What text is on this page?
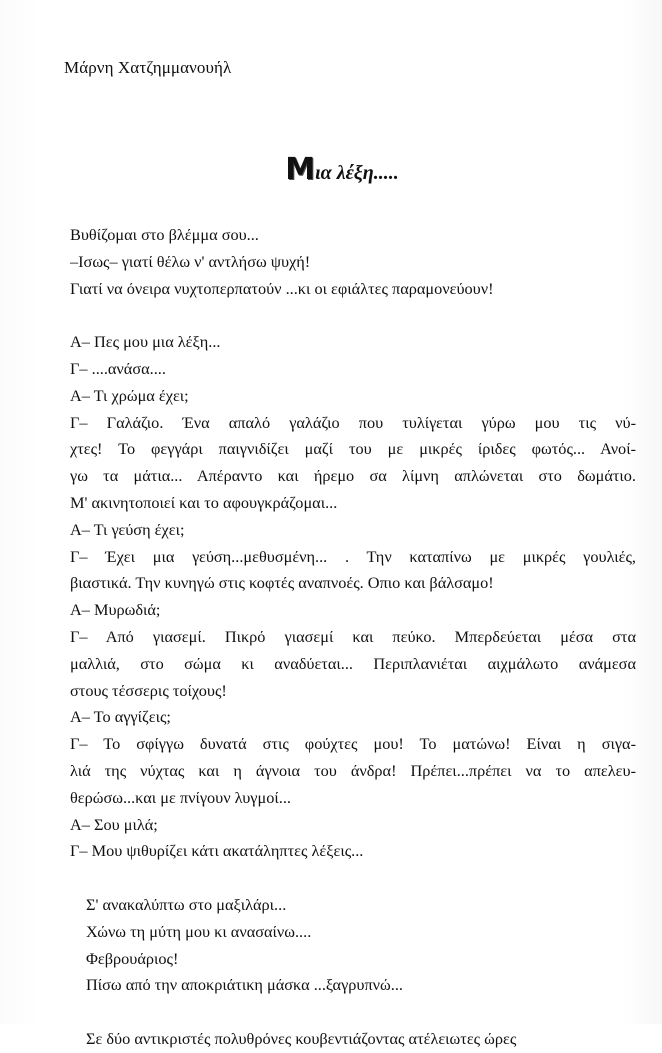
Μάρνη Χατζημμανουήλ
Μια λέξη.....
Βυθίζομαι στο βλέμμα σου...
–Ισως– γιατί θέλω ν' αντλήσω ψυχή!
Γιατί να όνειρα νυχτοπερπατούν ...κι οι εφιάλτες παραμονεύουν!
Α– Πες μου μια λέξη...
Γ– ....ανάσα....
Α– Τι χρώμα έχει;
Γ– Γαλάζιο. Ένα απαλό γαλάζιο που τυλίγεται γύρω μου τις νύ-
χτες! Το φεγγάρι παιγνιδίζει μαζί του με μικρές ίριδες φωτός... Ανοί-
γω τα μάτια... Απέραντο και ήρεμο σα λίμνη απλώνεται στο δωμάτιο.
Μ' ακινητοποιεί και το αφουγκράζομαι...
Α– Τι γεύση έχει;
Γ– Έχει μια γεύση...μεθυσμένη... . Την καταπίνω με μικρές γουλιές,
βιαστικά. Την κυνηγώ στις κοφτές αναπνοές. Οπιο και βάλσαμο!
Α– Μυρωδιά;
Γ– Από γιασεμί. Πικρό γιασεμί και πεύκο. Μπερδεύεται μέσα στα
μαλλιά, στο σώμα κι αναδύεται... Περιπλανιέται αιχμάλωτο ανάμεσα
στους τέσσερις τοίχους!
Α– Το αγγίζεις;
Γ– Το σφίγγω δυνατά στις φούχτες μου! Το ματώνω! Είναι η σιγα-
λιά της νύχτας και η άγνοια του άνδρα! Πρέπει...πρέπει να το απελευ-
θερώσω...και με πνίγουν λυγμοί...
Α– Σου μιλά;
Γ– Μου ψιθυρίζει κάτι ακατάληπτες λέξεις...
Σ' ανακαλύπτω στο μαξιλάρι...
Χώνω τη μύτη μου κι ανασαίνω....
Φεβρουάριος!
Πίσω από την αποκριάτικη μάσκα ...ξαγρυπνώ...
Σε δύο αντικριστές πολυθρόνες κουβεντιάζοντας ατέλειωτες ώρες
